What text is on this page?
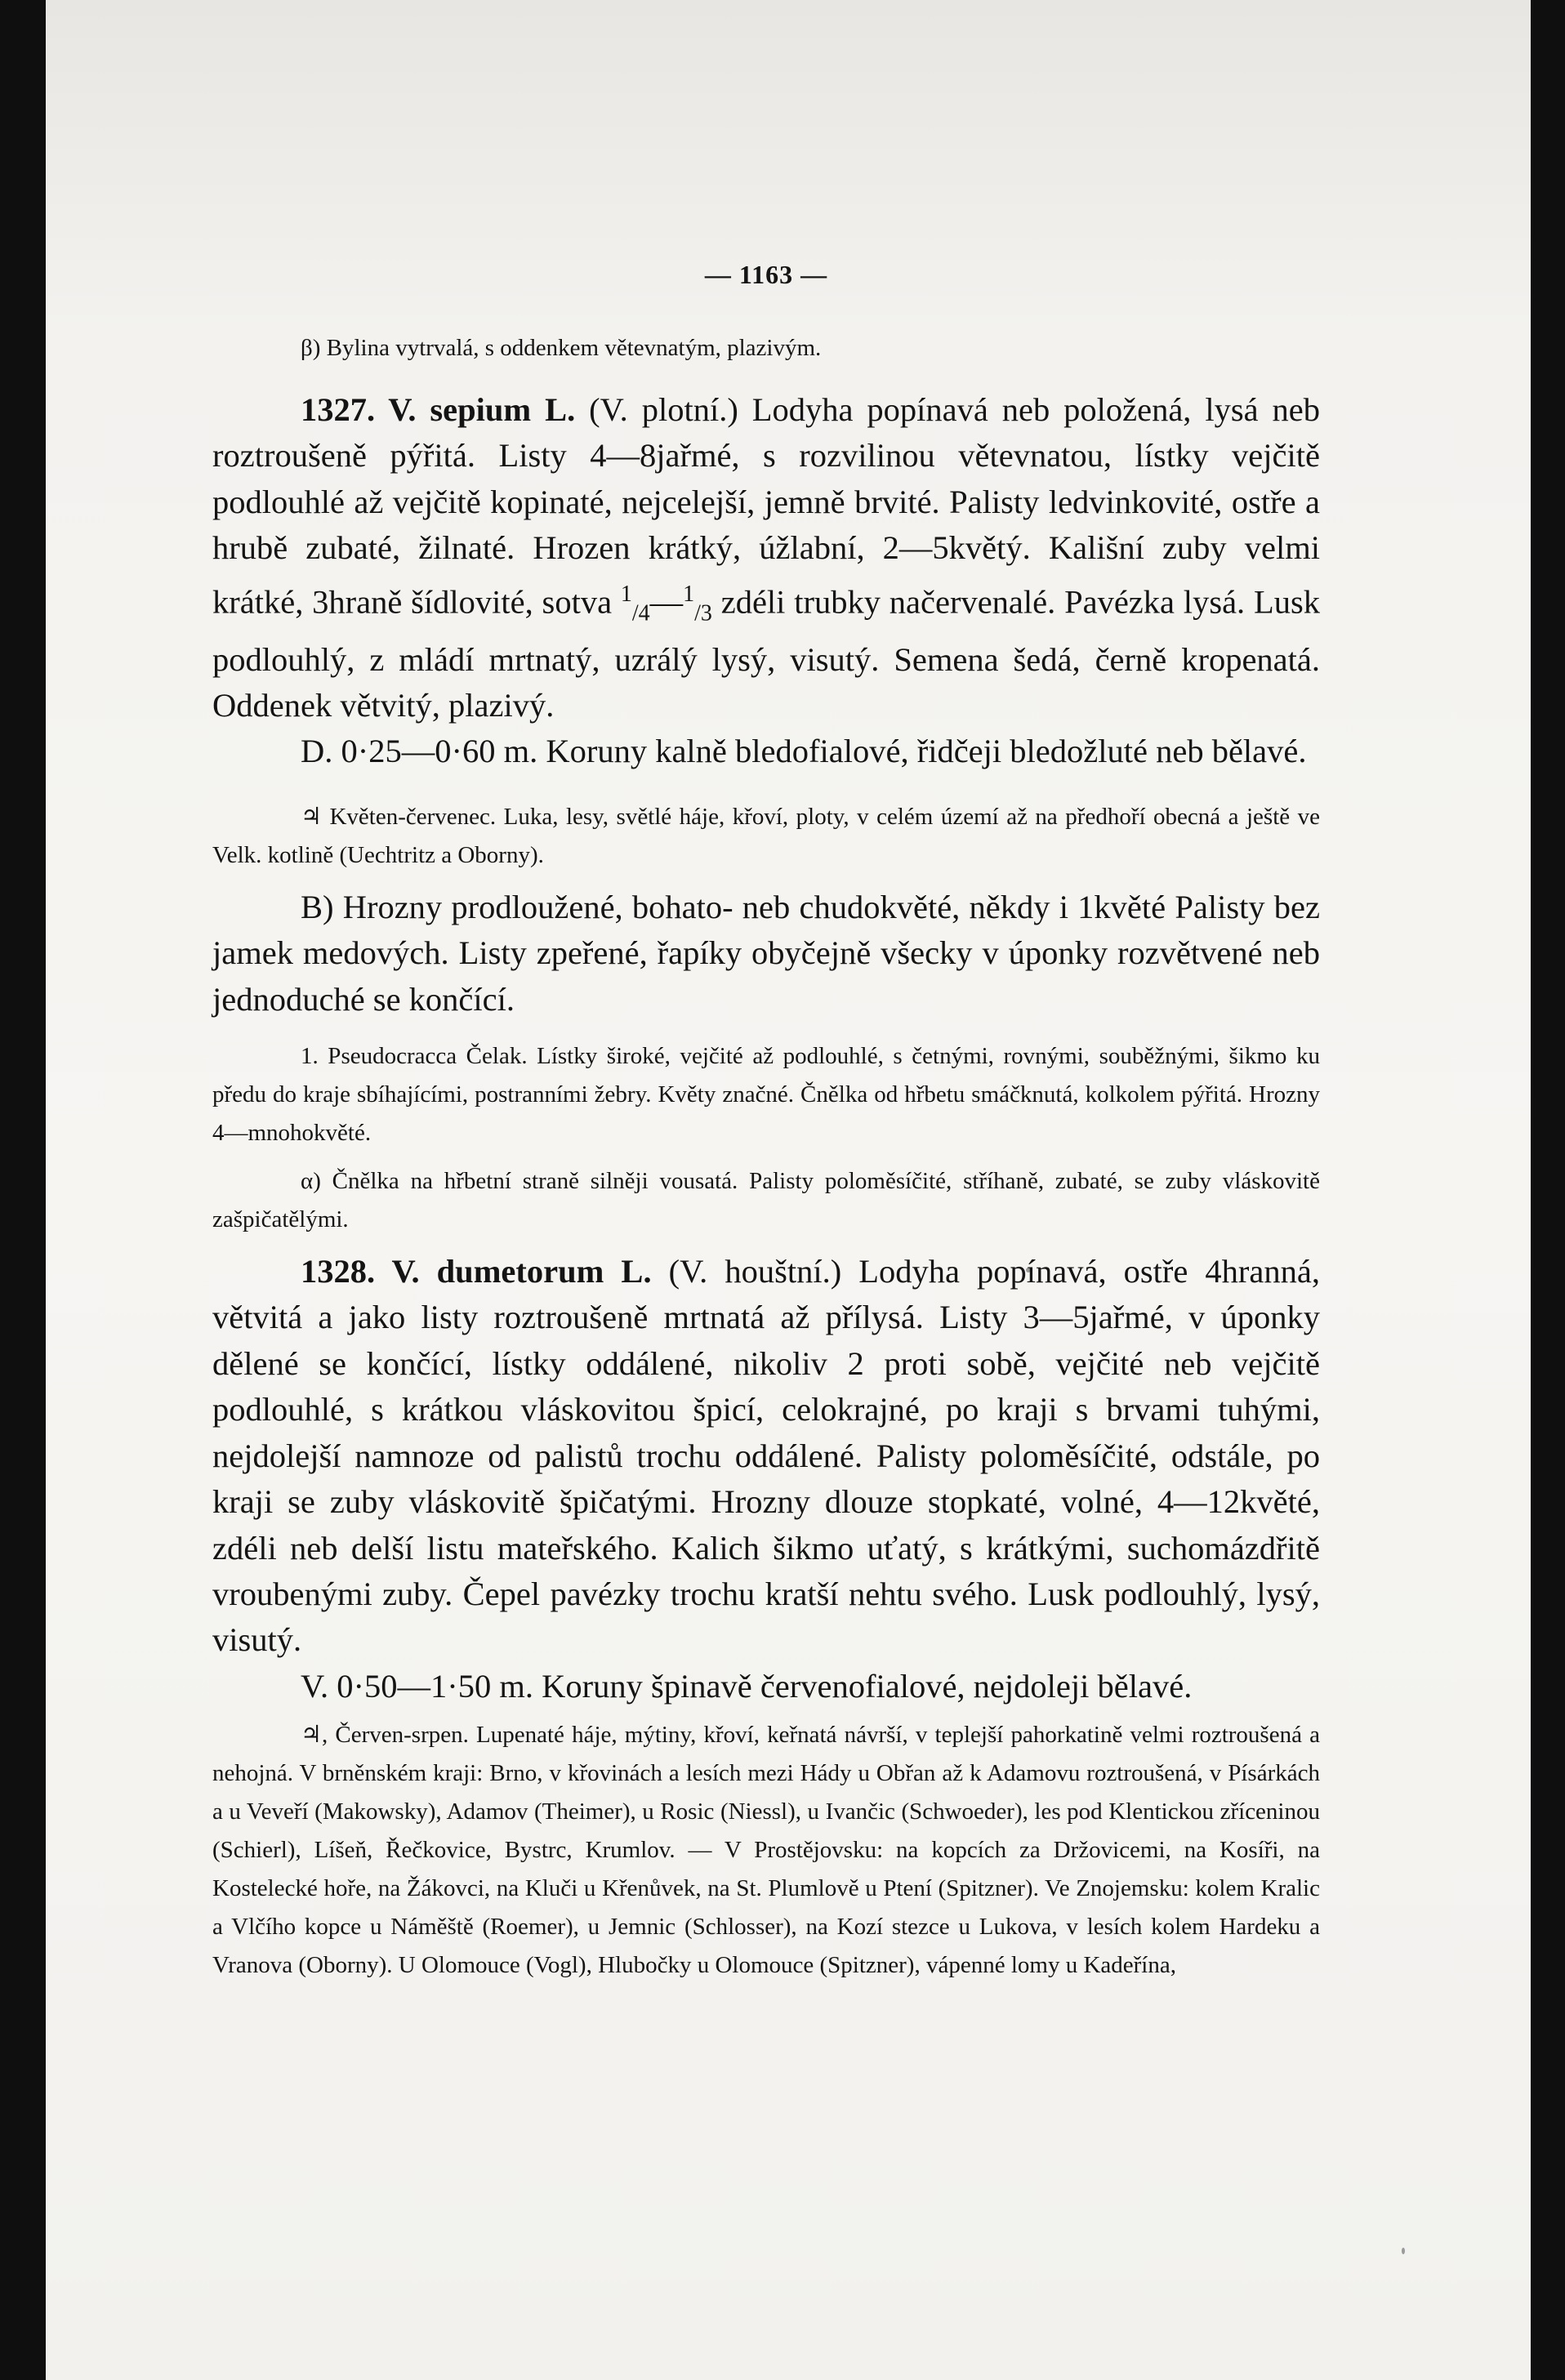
— 1163 —

β) Bylina vytrvalá, s oddenkem větevnatým, plazivým.

1327. V. sepium L. (V. plotní.) Lodyha popínavá neb položená, lysá neb roztroušeně pýřitá. Listy 4—8jařmé, s rozvilinou větevnatou, lístky vejčitě podlouhlé až vejčitě kopinaté, nejcelejší, jemně brvité. Palisty ledvinkovité, ostře a hrubě zubaté, žilnaté. Hrozen krátký, úžlabní, 2—5květý. Kališní zuby velmi krátké, 3hraně šídlovité, sotva $^1_{/4}$—$^1_{/3}$ zdéli trubky načervenalé. Pavézka lysá. Lusk podlouhlý, z mládí mrtnatý, uzrálý lysý, visutý. Semena šedá, černě kropenatá. Oddenek větvitý, plazivý.

D. 0·25—0·60 m. Koruny kalně bledofialové, řidčeji bledožluté neb bělavé.

♃ Květen-červenec. Luka, lesy, světlé háje, křoví, ploty, v celém území až na předhoří obecná a ještě ve Velk. kotlině (Uechtritz a Oborny).

B) Hrozny prodloužené, bohato- neb chudokvěté, někdy i 1květé Palisty bez jamek medových. Listy zpeřené, řapíky obyčejně všecky v úponky rozvětvené neb jednoduché se končící.

1. Pseudocracca Čelak. Lístky široké, vejčité až podlouhlé, s četnými, rovnými, souběžnými, šikmo ku předu do kraje sbíhajícími, postranními žebry. Květy značné. Čnělka od hřbetu smáčknutá, kolkolem pýřitá. Hrozny 4—mnohokvěté.

α) Čnělka na hřbetní straně silněji vousatá. Palisty poloměsíčité, stříhaně, zubaté, se zuby vláskovitě zašpičatělými.

1328. V. dumetorum L. (V. houštní.) Lodyha popínavá, ostře 4hranná, větvitá a jako listy roztroušeně mrtnatá až přílysá. Listy 3—5jařmé, v úponky dělené se končící, lístky oddálené, nikoliv 2 proti sobě, vejčité neb vejčitě podlouhlé, s krátkou vláskovitou špicí, celokrajné, po kraji s brvami tuhými, nejdolejší namnoze od palistů trochu oddálené. Palisty poloměsíčité, odstále, po kraji se zuby vláskovitě špičatými. Hrozny dlouze stopkaté, volné, 4—12květé, zdéli neb delší listu mateřského. Kalich šikmo uťatý, s krátkými, suchomázdřitě vroubenými zuby. Čepel pavézky trochu kratší nehtu svého. Lusk podlouhlý, lysý, visutý.

V. 0·50—1·50 m. Koruny špinavě červenofialové, nejdoleji bělavé.

♃, Červen-srpen. Lupenaté háje, mýtiny, křoví, keřnatá návrší, v teplejší pahorkatině velmi roztroušená a nehojná. V brněnském kraji: Brno, v křovinách a lesích mezi Hády u Obřan až k Adamovu roztroušená, v Písárkách a u Veveří (Makowsky), Adamov (Theimer), u Rosic (Niessl), u Ivančic (Schwoeder), les pod Klentickou zříceninou (Schierl), Líšeň, Řečkovice, Bystrc, Krumlov. — V Prostějovsku: na kopcích za Držovicemi, na Kosíři, na Kostelecké hoře, na Žákovci, na Kluči u Křenůvek, na St. Plumlově u Ptení (Spitzner). Ve Znojemsku: kolem Kralic a Vlčího kopce u Náměště (Roemer), u Jemnic (Schlosser), na Kozí stezce u Lukova, v lesích kolem Hardeku a Vranova (Oborny). U Olomouce (Vogl), Hlubočky u Olomouce (Spitzner), vápenné lomy u Kadeřína,
